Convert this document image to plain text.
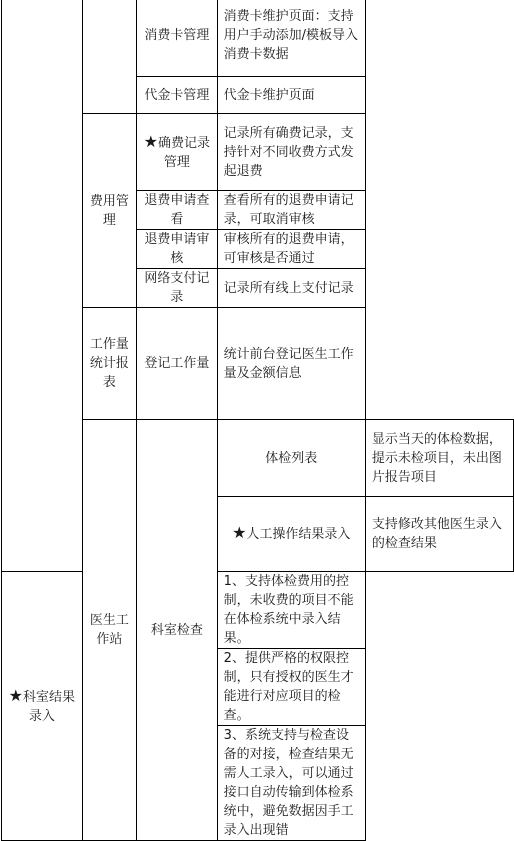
		消费卡管理	消费卡维护页面：支持用户手动添加/模板导入消费卡数据	
		代金卡管理	代金卡维护页面	

	费用管理	★确费记录管理	记录所有确费记录，支持针对不同收费方式发起退费	
		退费申请查看	查看所有的退费申请记录，可取消审核	
		退费申请审核	审核所有的退费申请，可审核是否通过	
		网络支付记录	记录所有线上支付记录	
	工作量统计报表	登记工作量	统计前台登记医生工作量及金额信息	
	医生工作站	科室检查	体检列表	显示当天的体检数据，提示未检项目，未出图片报告项目
			★人工操作结果录入	支持修改其他医生录入的检查结果
★科室结果录入			1、支持体检费用的控制，未收费的项目不能在体检系统中录入结果。	
			2、提供严格的权限控制，只有授权的医生才能进行对应项目的检查。	
			3、系统支持与检查设备的对接，检查结果无需人工录入，可以通过接口自动传输到体检系统中，避免数据因手工录入出现错	
